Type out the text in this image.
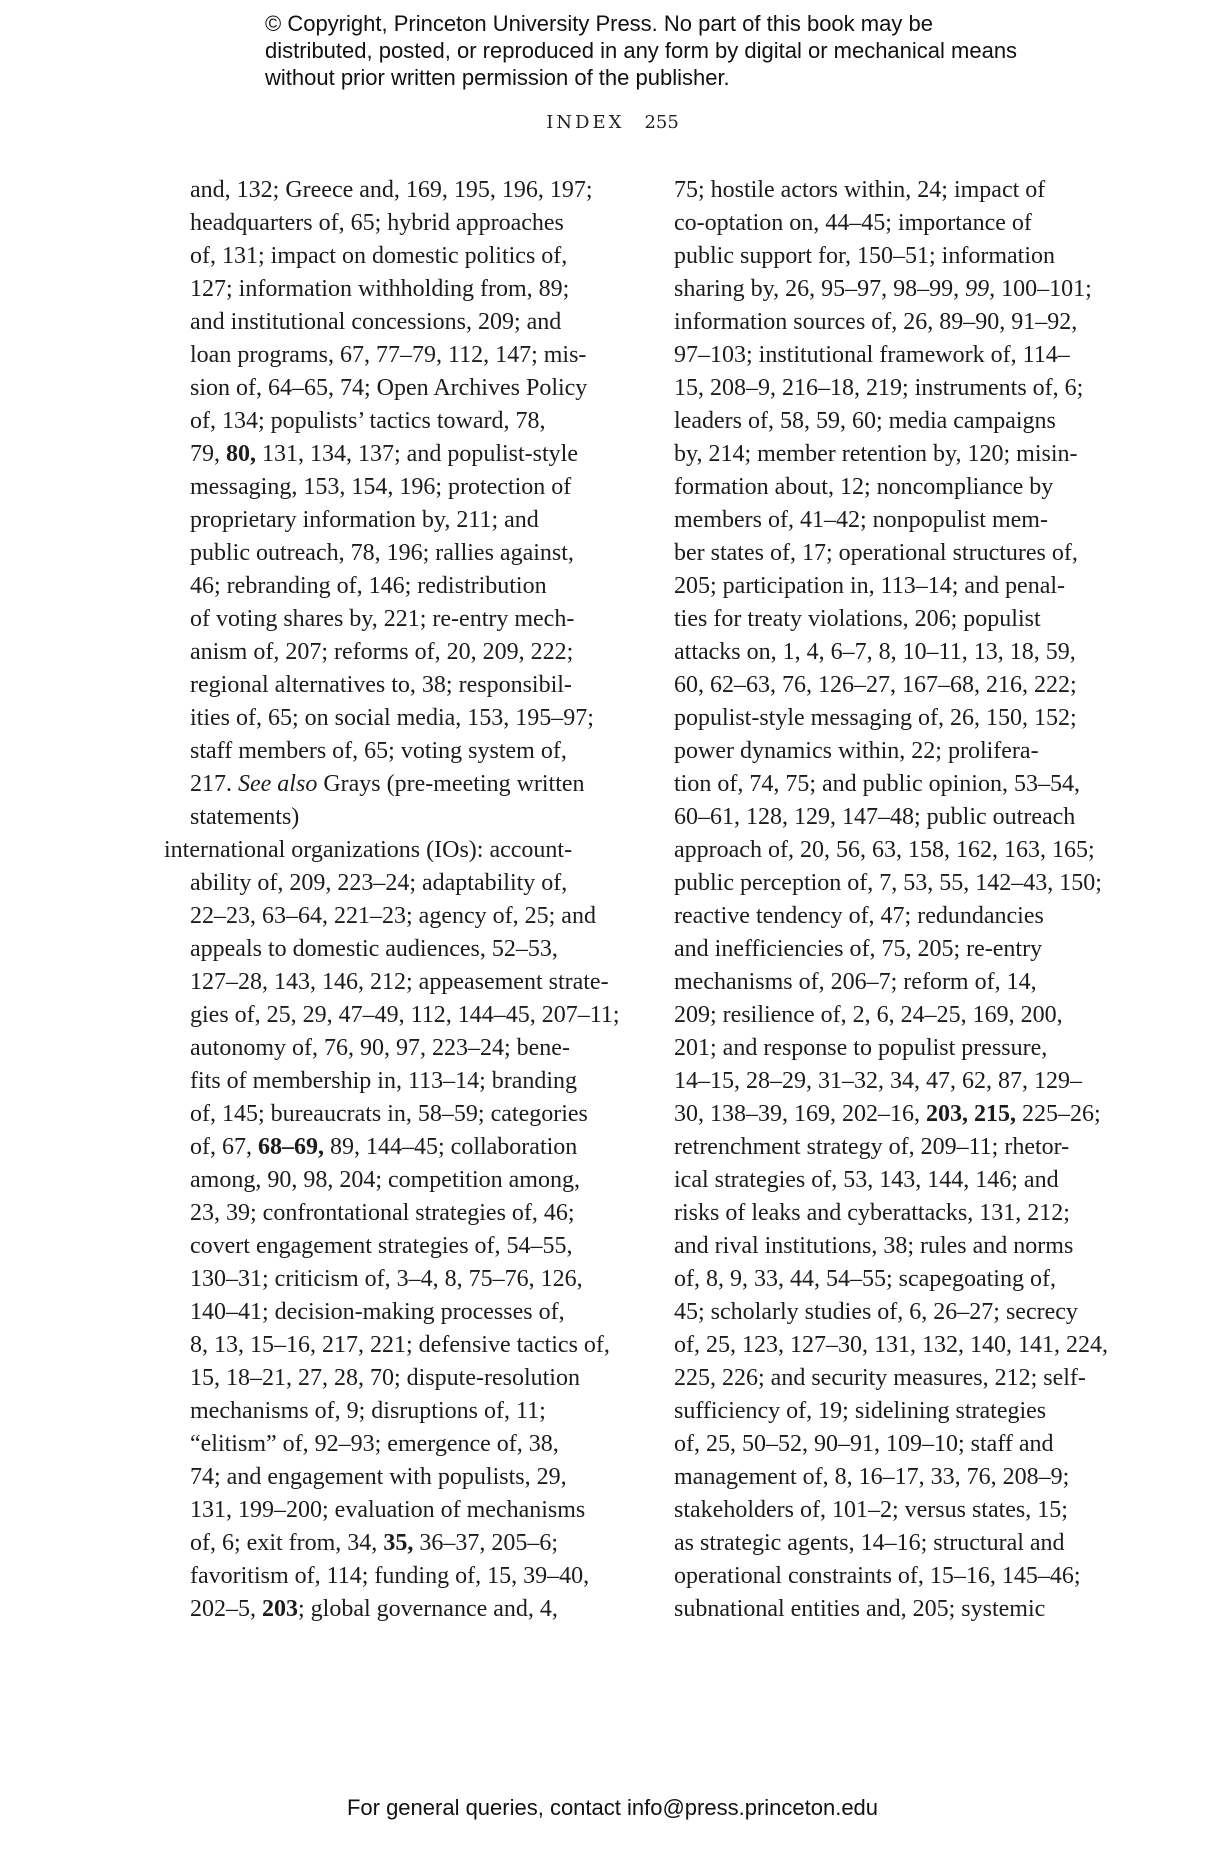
© Copyright, Princeton University Press. No part of this book may be distributed, posted, or reproduced in any form by digital or mechanical means without prior written permission of the publisher.
INDEX 255
and, 132; Greece and, 169, 195, 196, 197;
headquarters of, 65; hybrid approaches
of, 131; impact on domestic politics of,
127; information withholding from, 89;
and institutional concessions, 209; and
loan programs, 67, 77–79, 112, 147; mis-
sion of, 64–65, 74; Open Archives Policy
of, 134; populists’ tactics toward, 78,
79, 80, 131, 134, 137; and populist-style
messaging, 153, 154, 196; protection of
proprietary information by, 211; and
public outreach, 78, 196; rallies against,
46; rebranding of, 146; redistribution
of voting shares by, 221; re-entry mech-
anism of, 207; reforms of, 20, 209, 222;
regional alternatives to, 38; responsibil-
ities of, 65; on social media, 153, 195–97;
staff members of, 65; voting system of,
217. See also Grays (pre-meeting written
statements)
international organizations (IOs): account-
ability of, 209, 223–24; adaptability of,
22–23, 63–64, 221–23; agency of, 25; and
appeals to domestic audiences, 52–53,
127–28, 143, 146, 212; appeasement strate-
gies of, 25, 29, 47–49, 112, 144–45, 207–11;
autonomy of, 76, 90, 97, 223–24; bene-
fits of membership in, 113–14; branding
of, 145; bureaucrats in, 58–59; categories
of, 67, 68–69, 89, 144–45; collaboration
among, 90, 98, 204; competition among,
23, 39; confrontational strategies of, 46;
covert engagement strategies of, 54–55,
130–31; criticism of, 3–4, 8, 75–76, 126,
140–41; decision-making processes of,
8, 13, 15–16, 217, 221; defensive tactics of,
15, 18–21, 27, 28, 70; dispute-resolution
mechanisms of, 9; disruptions of, 11;
“elitism” of, 92–93; emergence of, 38,
74; and engagement with populists, 29,
131, 199–200; evaluation of mechanisms
of, 6; exit from, 34, 35, 36–37, 205–6;
favoritism of, 114; funding of, 15, 39–40,
202–5, 203; global governance and, 4,
75; hostile actors within, 24; impact of
co-optation on, 44–45; importance of
public support for, 150–51; information
sharing by, 26, 95–97, 98–99, 99, 100–101;
information sources of, 26, 89–90, 91–92,
97–103; institutional framework of, 114–
15, 208–9, 216–18, 219; instruments of, 6;
leaders of, 58, 59, 60; media campaigns
by, 214; member retention by, 120; misin-
formation about, 12; noncompliance by
members of, 41–42; nonpopulist mem-
ber states of, 17; operational structures of,
205; participation in, 113–14; and penal-
ties for treaty violations, 206; populist
attacks on, 1, 4, 6–7, 8, 10–11, 13, 18, 59,
60, 62–63, 76, 126–27, 167–68, 216, 222;
populist-style messaging of, 26, 150, 152;
power dynamics within, 22; prolifera-
tion of, 74, 75; and public opinion, 53–54,
60–61, 128, 129, 147–48; public outreach
approach of, 20, 56, 63, 158, 162, 163, 165;
public perception of, 7, 53, 55, 142–43, 150;
reactive tendency of, 47; redundancies
and inefficiencies of, 75, 205; re-entry
mechanisms of, 206–7; reform of, 14,
209; resilience of, 2, 6, 24–25, 169, 200,
201; and response to populist pressure,
14–15, 28–29, 31–32, 34, 47, 62, 87, 129–
30, 138–39, 169, 202–16, 203, 215, 225–26;
retrenchment strategy of, 209–11; rhetor-
ical strategies of, 53, 143, 144, 146; and
risks of leaks and cyberattacks, 131, 212;
and rival institutions, 38; rules and norms
of, 8, 9, 33, 44, 54–55; scapegoating of,
45; scholarly studies of, 6, 26–27; secrecy
of, 25, 123, 127–30, 131, 132, 140, 141, 224,
225, 226; and security measures, 212; self-
sufficiency of, 19; sidelining strategies
of, 25, 50–52, 90–91, 109–10; staff and
management of, 8, 16–17, 33, 76, 208–9;
stakeholders of, 101–2; versus states, 15;
as strategic agents, 14–16; structural and
operational constraints of, 15–16, 145–46;
subnational entities and, 205; systemic
For general queries, contact info@press.princeton.edu
